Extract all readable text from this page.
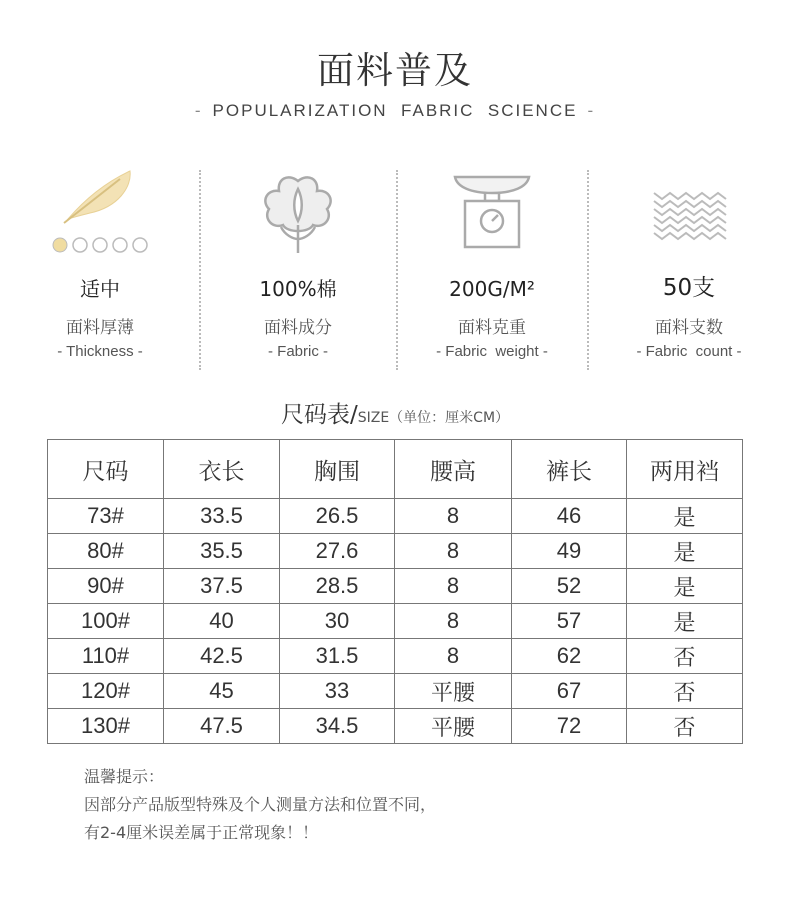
面料普及
- POPULARIZATION  FABRIC  SCIENCE -
适中
面料厚薄
- Thickness -
100%棉
面料成分
- Fabric -
200G/M²
面料克重
- Fabric  weight -
50支
面料支数
- Fabric  count -
尺码表/SIZE（单位：厘米CM）
尺码	衣长	胸围	腰高	裤长	两用裆
73#	33.5	26.5	8	46	是
80#	35.5	27.6	8	49	是
90#	37.5	28.5	8	52	是
100#	40	30	8	57	是
110#	42.5	31.5	8	62	否
120#	45	33	平腰	67	否
130#	47.5	34.5	平腰	72	否
温馨提示：
因部分产品版型特殊及个人测量方法和位置不同，
有2-4厘米误差属于正常现象！！
